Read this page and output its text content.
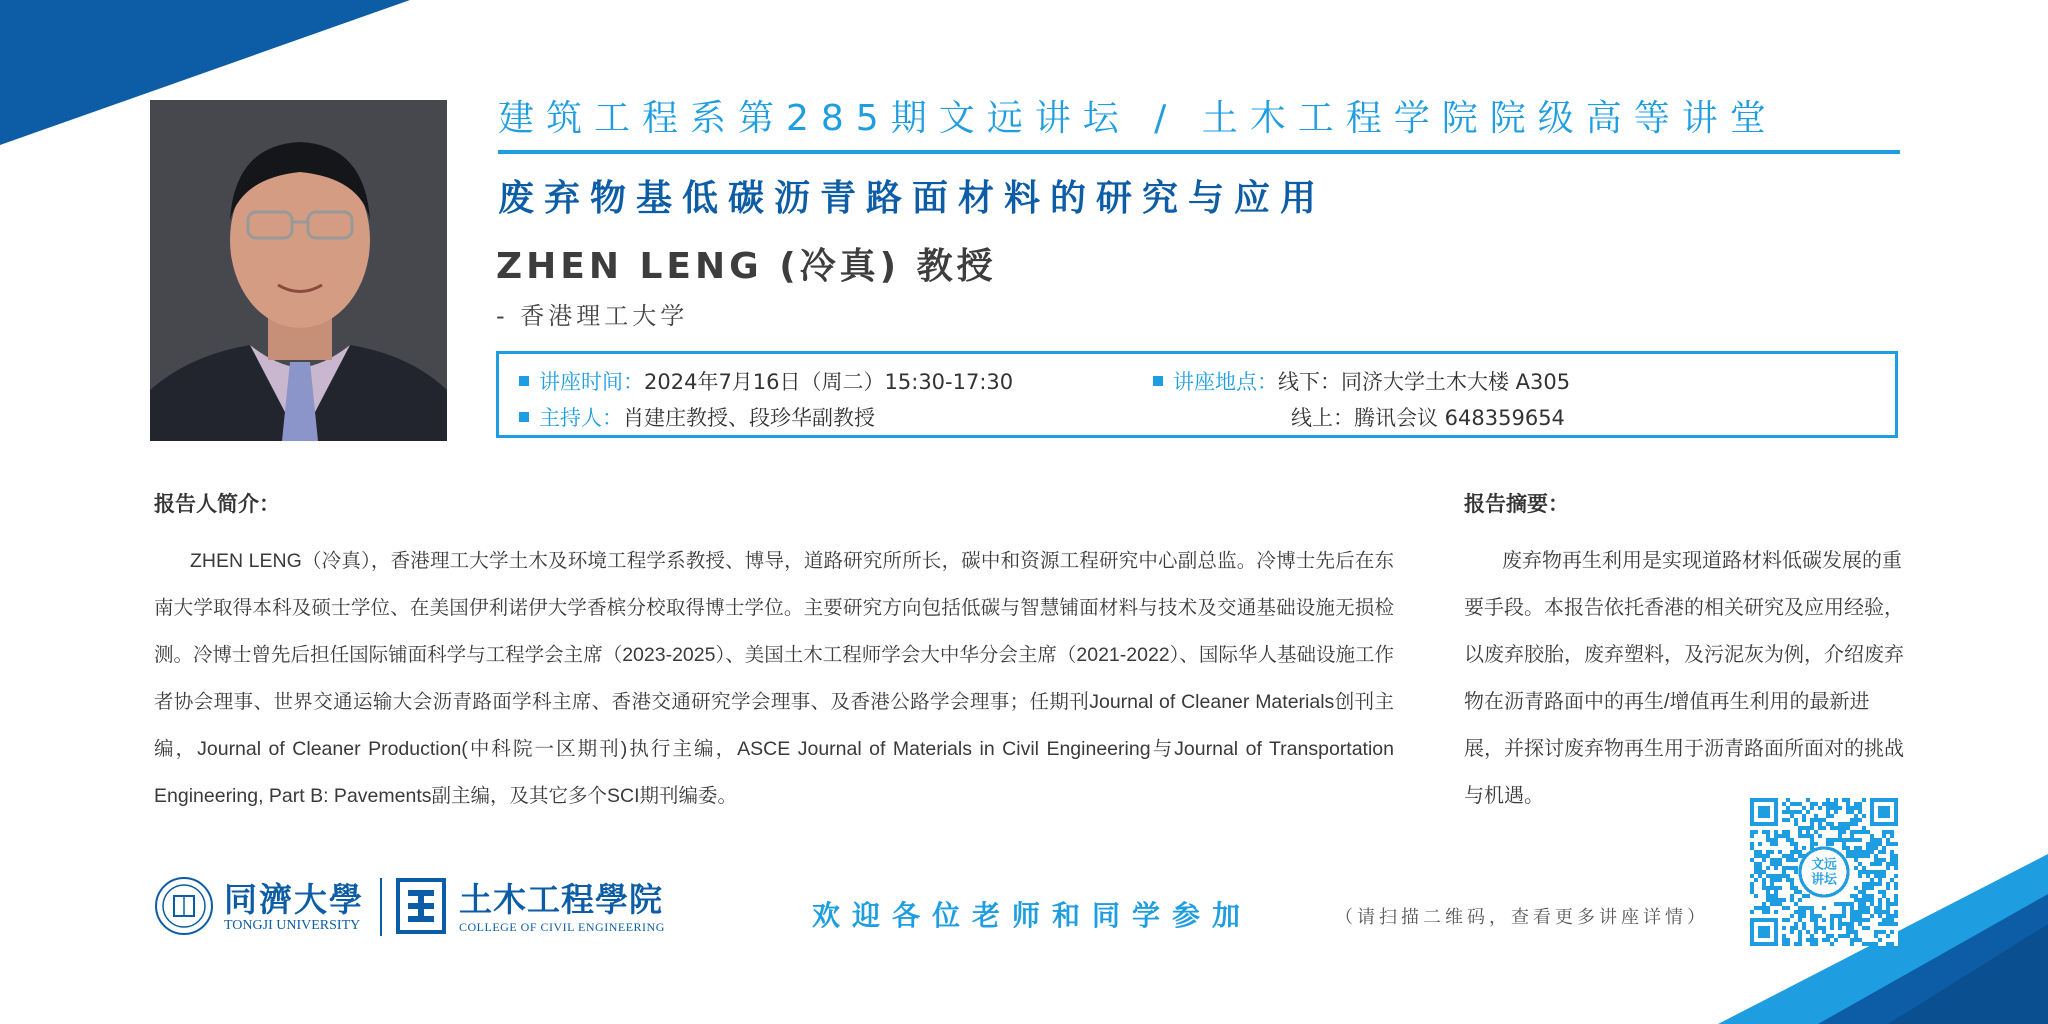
建筑工程系第285期文远讲坛 / 土木工程学院院级高等讲堂
废弃物基低碳沥青路面材料的研究与应用
ZHEN LENG (冷真) 教授
- 香港理工大学
讲座时间：2024年7月16日（周二）15:30-17:30	讲座地点：线下：同济大学土木大楼 A305
主持人：肖建庄教授、段珍华副教授	线上：腾讯会议 648359654
报告人简介：
ZHEN LENG（冷真），香港理工大学土木及环境工程学系教授、博导，道路研究所所长，碳中和资源工程研究中心副总监。冷博士先后在东南大学取得本科及硕士学位、在美国伊利诺伊大学香槟分校取得博士学位。主要研究方向包括低碳与智慧铺面材料与技术及交通基础设施无损检测。冷博士曾先后担任国际铺面科学与工程学会主席（2023-2025）、美国土木工程师学会大中华分会主席（2021-2022）、国际华人基础设施工作者协会理事、世界交通运输大会沥青路面学科主席、香港交通研究学会理事、及香港公路学会理事；任期刊Journal of Cleaner Materials创刊主编，Journal of Cleaner Production(中科院一区期刊)执行主编，ASCE Journal of Materials in Civil Engineering与Journal of Transportation Engineering, Part B: Pavements副主编，及其它多个SCI期刊编委。
报告摘要：
废弃物再生利用是实现道路材料低碳发展的重要手段。本报告依托香港的相关研究及应用经验，以废弃胶胎，废弃塑料，及污泥灰为例，介绍废弃物在沥青路面中的再生/增值再生利用的最新进展，并探讨废弃物再生用于沥青路面所面对的挑战与机遇。
同濟大學
TONGJI UNIVERSITY
土木工程學院
COLLEGE OF CIVIL ENGINEERING	欢迎各位老师和同学参加	（请扫描二维码，查看更多讲座详情）
文远
讲坛
